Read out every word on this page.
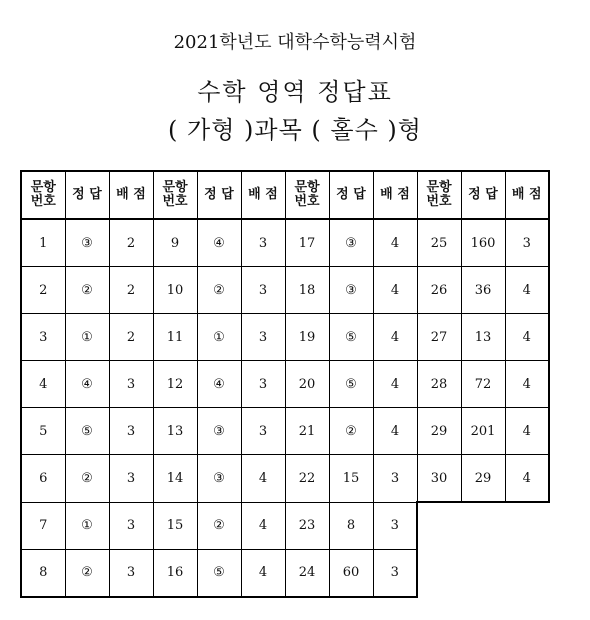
2021학년도 대학수학능력시험
수학 영역 정답표
( 가형 )과목 ( 홀수 )형
문항
번호	정 답	배 점	문항
번호	정 답	배 점	문항
번호	정 답	배 점	문항
번호	정 답	배 점
1	③	2	9	④	3	17	③	4	25	160	3
2	②	2	10	②	3	18	③	4	26	36	4
3	①	2	11	①	3	19	⑤	4	27	13	4
4	④	3	12	④	3	20	⑤	4	28	72	4
5	⑤	3	13	③	3	21	②	4	29	201	4
6	②	3	14	③	4	22	15	3	30	29	4
7	①	3	15	②	4	23	8	3			
8	②	3	16	⑤	4	24	60	3			
